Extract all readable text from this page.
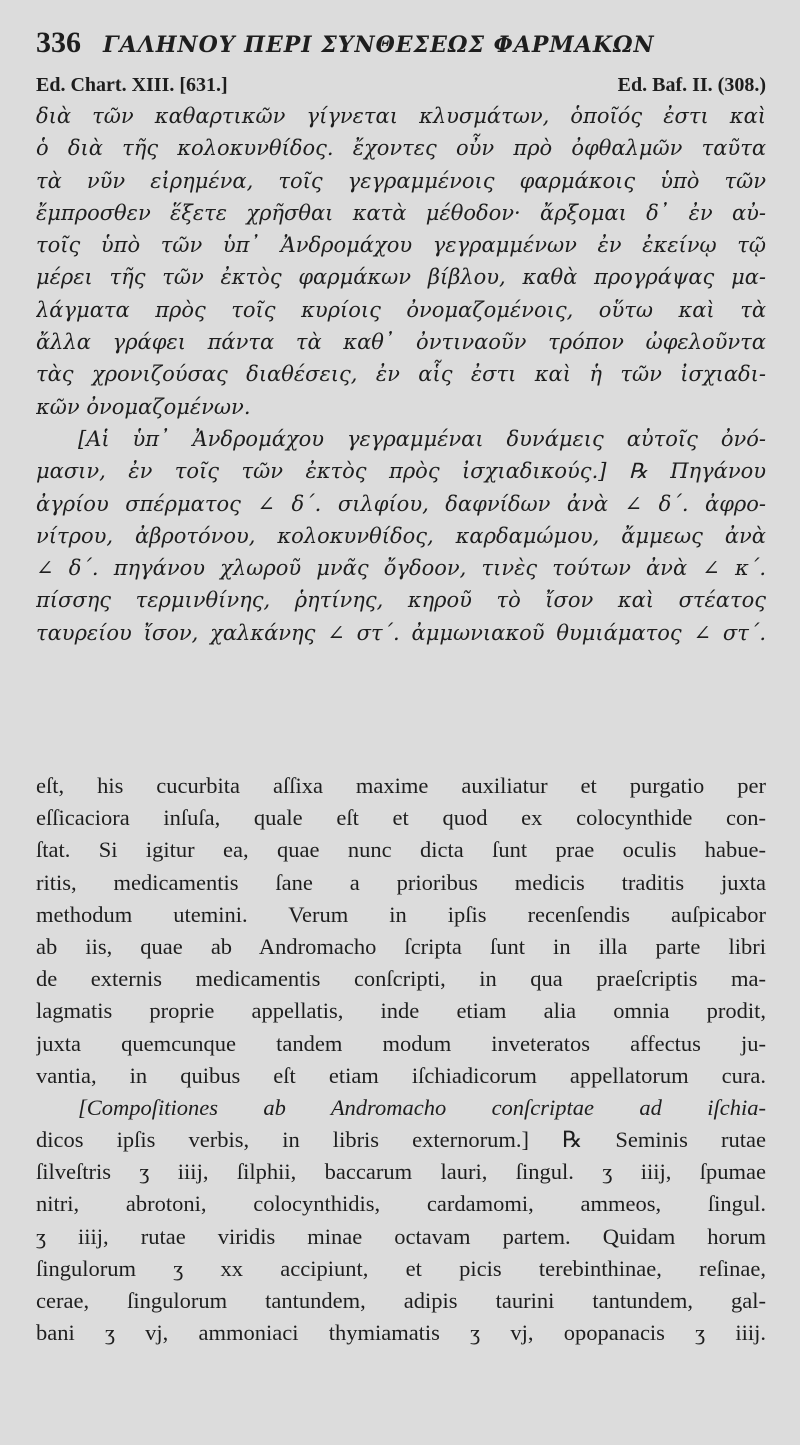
336 ΓΑΛΗΝΟΥ ΠΕΡΙ ΣΥΝΘΕΣΕΩΣ ΦΑΡΜΑΚΩΝ
Ed. Chart. XIII. [631.]	Ed. Baf. II. (308.)
διὰ τῶν καθαρτικῶν γίγνεται κλυσμάτων, ὁποῖός ἐστι καὶ
ὁ διὰ τῆς κολοκυνθίδος. ἔχοντες οὖν πρὸ ὀφθαλμῶν ταῦτα
τὰ νῦν εἰρημένα, τοῖς γεγραμμένοις φαρμάκοις ὑπὸ τῶν
ἔμπροσθεν ἕξετε χρῆσθαι κατὰ μέθοδον· ἄρξομαι δ᾽ ἐν αὐ-
τοῖς ὑπὸ τῶν ὑπ᾽ Ἀνδρομάχου γεγραμμένων ἐν ἐκείνῳ τῷ
μέρει τῆς τῶν ἐκτὸς φαρμάκων βίβλου, καθὰ προγράψας μα-
λάγματα πρὸς τοῖς κυρίοις ὀνομαζομένοις, οὕτω καὶ τὰ
ἄλλα γράφει πάντα τὰ καθ᾽ ὀντιναοῦν τρόπον ὠφελοῦντα
τὰς χρονιζούσας διαθέσεις, ἐν αἷς ἐστι καὶ ἡ τῶν ἰσχιαδι-
κῶν ὀνομαζομένων.
[Αἱ ὑπ᾽ Ἀνδρομάχου γεγραμμέναι δυνάμεις αὐτοῖς ὀνό-
μασιν, ἐν τοῖς τῶν ἐκτὸς πρὸς ἰσχιαδικούς.] ℞ Πηγάνου
ἀγρίου σπέρματος ∠ δ΄. σιλφίου, δαφνίδων ἀνὰ ∠ δ΄. ἀφρο-
νίτρου, ἀβροτόνου, κολοκυνθίδος, καρδαμώμου, ἄμμεως ἀνὰ
∠ δ΄. πηγάνου χλωροῦ μνᾶς ὄγδοον, τινὲς τούτων ἀνὰ ∠ κ΄.
πίσσης τερμινθίνης, ῥητίνης, κηροῦ τὸ ἴσον καὶ στέατος
ταυρείου ἴσον, χαλκάνης ∠ στ΄. ἀμμωνιακοῦ θυμιάματος ∠ στ΄.
eſt, his cucurbita aſſixa maxime auxiliatur et purgatio per
eſſicaciora inſuſa, quale eſt et quod ex colocynthide con-
ſtat. Si igitur ea, quae nunc dicta ſunt prae oculis habue-
ritis, medicamentis ſane a prioribus medicis traditis juxta
methodum utemini. Verum in ipſis recenſendis auſpicabor
ab iis, quae ab Andromacho ſcripta ſunt in illa parte libri
de externis medicamentis conſcripti, in qua praeſcriptis ma-
lagmatis proprie appellatis, inde etiam alia omnia prodit,
juxta quemcunque tandem modum inveteratos affectus ju-
vantia, in quibus eſt etiam iſchiadicorum appellatorum cura.
[Compoſitiones ab Andromacho conſcriptae ad iſchia-
dicos ipſis verbis, in libris externorum.] ℞ Seminis rutae
ſilveſtris ʒ iiij, ſilphii, baccarum lauri, ſingul. ʒ iiij, ſpumae
nitri, abrotoni, colocynthidis, cardamomi, ammeos, ſingul.
ʒ iiij, rutae viridis minae octavam partem. Quidam horum
ſingulorum ʒ xx accipiunt, et picis terebinthinae, reſinae,
cerae, ſingulorum tantundem, adipis taurini tantundem, gal-
bani ʒ vj, ammoniaci thymiamatis ʒ vj, opopanacis ʒ iiij.
